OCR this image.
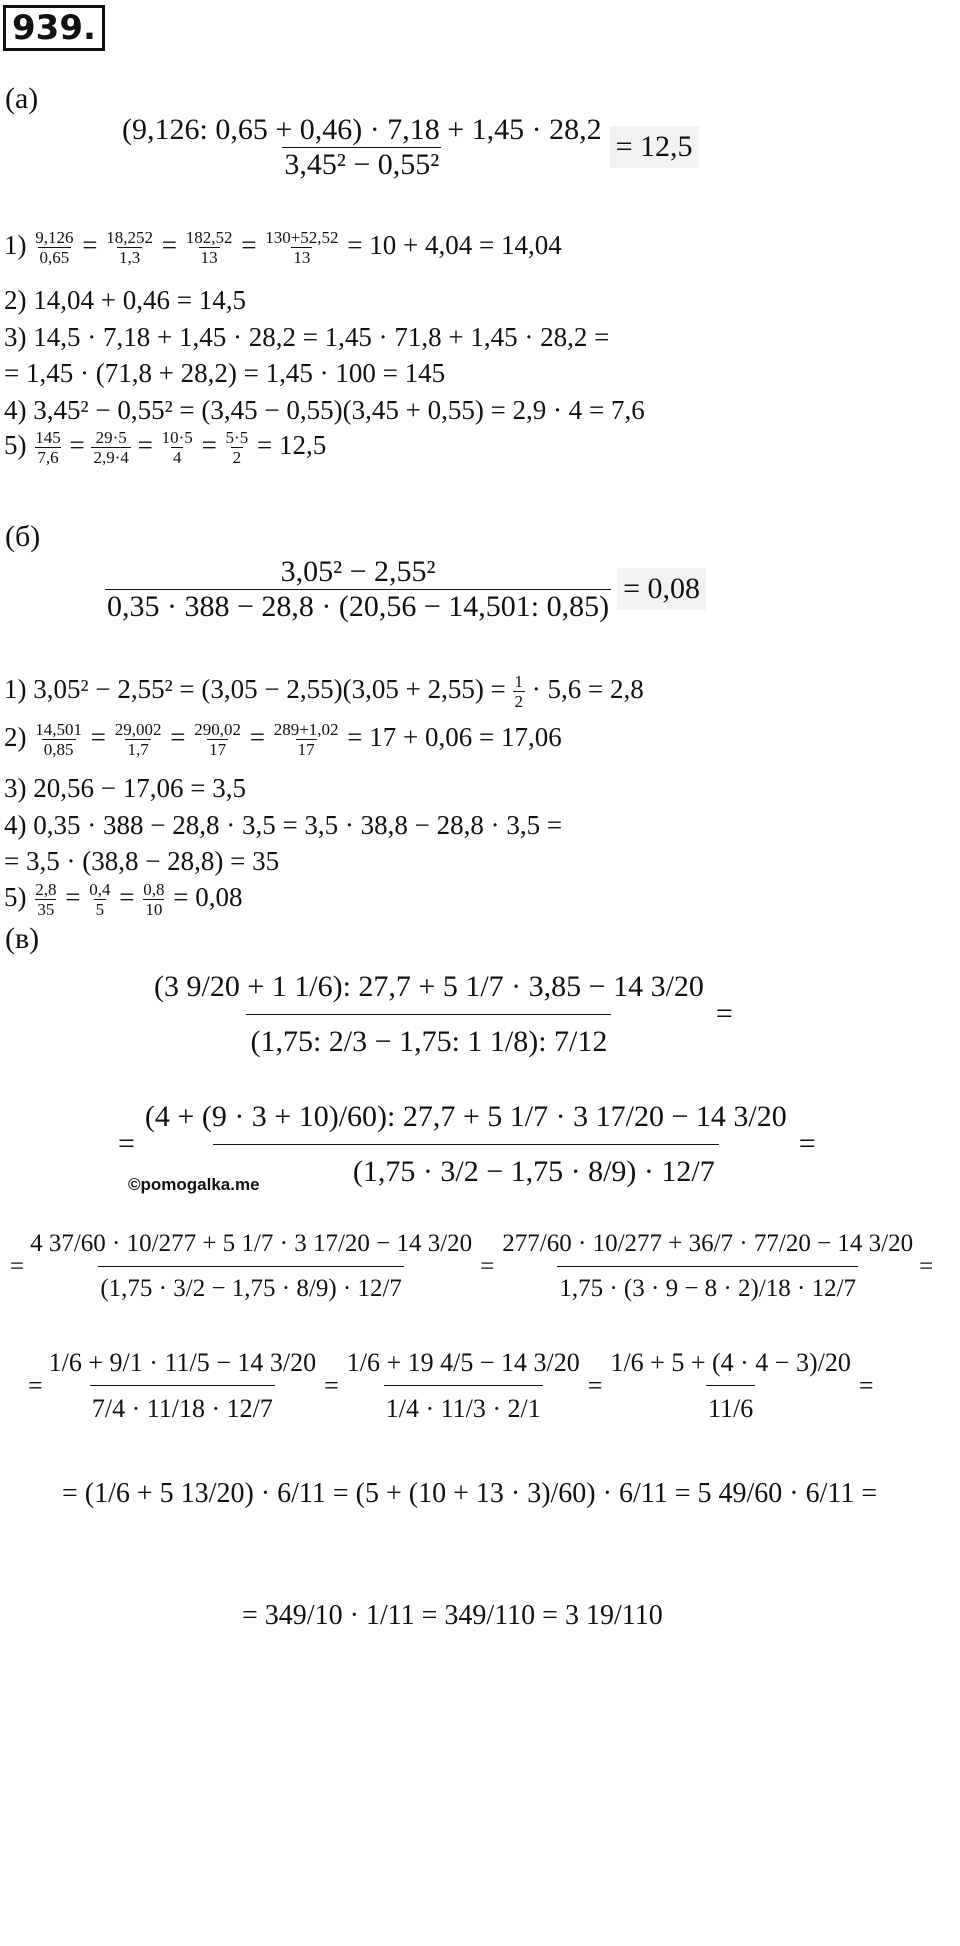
939.
(а)
$\frac{(9,126: 0,65 + 0,46) \cdot 7,18 + 1,45 \cdot 28,2}{\text{3,45² − 0,55²}} = 12,5$
$1) \frac{9,126}{0,65} = \frac{18,252}{1,3} = \frac{182,52}{13} = \frac{130+52,52}{13} = 10 + 4,04 = 14,04$
2) 14,04 + 0,46 = 14,5
3) 14,5 · 7,18 + 1,45 · 28,2 = 1,45 · 71,8 + 1,45 · 28,2 =
= 1,45 · (71,8 + 28,2) = 1,45 · 100 = 145
4) 3,45² − 0,55² = (3,45 − 0,55)(3,45 + 0,55) = 2,9 · 4 = 7,6
$5) \frac{145}{7,6} = \frac{29\cdot 5}{2,9\cdot 4} = \frac{10\cdot 5}{4} = \frac{5\cdot 5}{2} = 12,5$
(б)
$\frac{\text{3,05² − 2,55²}}{0,35 \cdot 388 - 28,8 \cdot (20,56 - 14,501: 0,85)} = 0,08$
1) $3,05^2 - 2,55^2 = (3,05 - 2,55)(3,05 + 2,55) = \frac{1}{2} \cdot 5,6 = 2,8$
$2) \frac{14,501}{0,85} = \frac{29,002}{1,7} = \frac{290,02}{17} = \frac{289+1,02}{17} = 17 + 0,06 = 17,06$
3) 20,56 − 17,06 = 3,5
4) 0,35 · 388 − 28,8 · 3,5 = 3,5 · 38,8 − 28,8 · 3,5 =
= 3,5 · (38,8 − 28,8) = 35
$5) \frac{2,8}{35} = \frac{0,4}{5} = \frac{0,8}{10} = 0,08$
(в)
$\frac{(3 9/20 + 1 1/6): 27,7 + 5 1/7 \cdot 3,85 - 14 3/20}{(1,75: 2/3 - 1,75: 1 1/8): 7/12}$ =
= $\frac{(4 + (9 \cdot 3 + 10)/60): 27,7 + 5 1/7 \cdot 3 17/20 - 14 3/20}{(1,75 \cdot 3/2 - 1,75 \cdot 8/9) \cdot 12/7}$ =
©pomogalka.me
= $\frac{4 37/60 \cdot 10/277 + 5 1/7 \cdot 3 17/20 - 14 3/20}{(1,75 \cdot 3/2 - 1,75 \cdot 8/9) \cdot 12/7} = \frac{277/60 \cdot 10/277 + 36/7 \cdot 77/20 - 14 3/20}{1,75 \cdot (3 \cdot 9 - 8 \cdot 2)/18 \cdot 12/7}$ =
= $\frac{1/6 + 9/1 \cdot 11/5 - 14 3/20}{7/4 \cdot 11/18 \cdot 12/7} = \frac{1/6 + 19 4/5 - 14 3/20}{1/4 \cdot 11/3 \cdot 2/1} = \frac{1/6 + 5 + (4 \cdot 4 - 3)/20}{11/6}$ =
= (1/6 + 5 13/20) · 6/11 = (5 + (10 + 13 · 3)/60) · 6/11 = 5 49/60 · 6/11 =
= 349/10 · 1/11 = 349/110 = 3 19/110
